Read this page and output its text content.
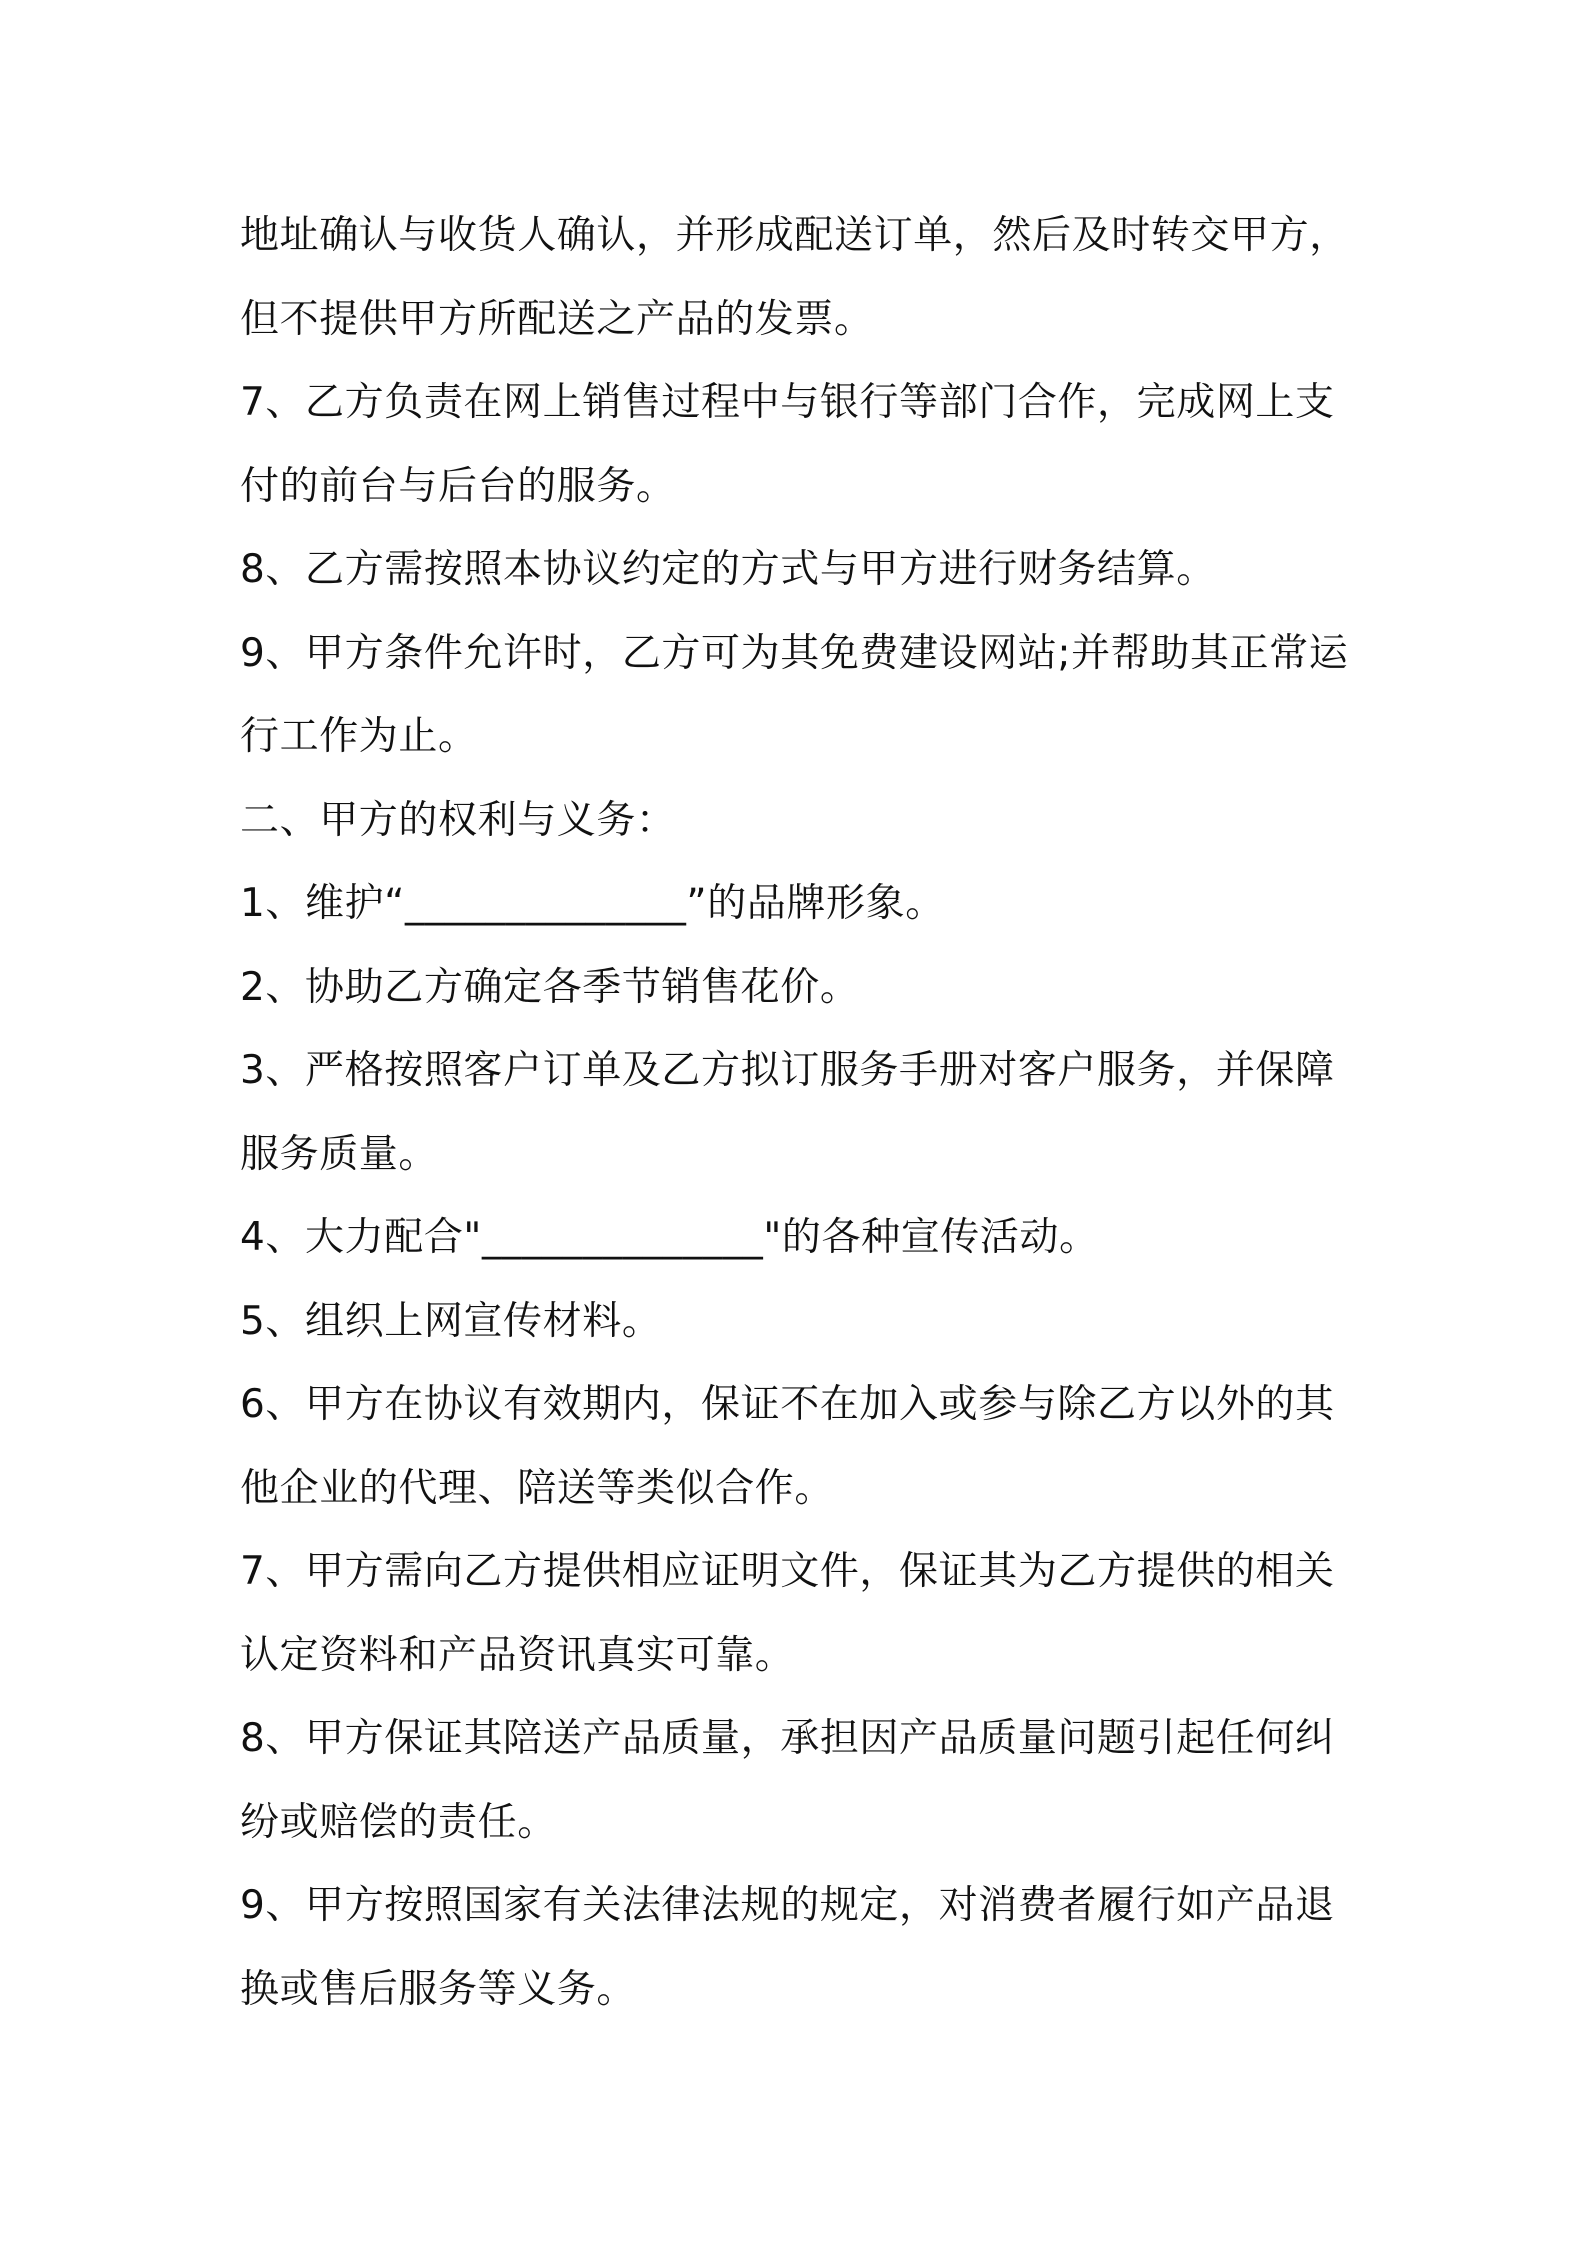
地址确认与收货人确认，并形成配送订单，然后及时转交甲方，
但不提供甲方所配送之产品的发票。
7、乙方负责在网上销售过程中与银行等部门合作，完成网上支
付的前台与后台的服务。
8、乙方需按照本协议约定的方式与甲方进行财务结算。
9、甲方条件允许时，乙方可为其免费建设网站;并帮助其正常运
行工作为止。
二、甲方的权利与义务：
1、维护“______________”的品牌形象。
2、协助乙方确定各季节销售花价。
3、严格按照客户订单及乙方拟订服务手册对客户服务，并保障
服务质量。
4、大力配合"______________"的各种宣传活动。
5、组织上网宣传材料。
6、甲方在协议有效期内，保证不在加入或参与除乙方以外的其
他企业的代理、陪送等类似合作。
7、甲方需向乙方提供相应证明文件，保证其为乙方提供的相关
认定资料和产品资讯真实可靠。
8、甲方保证其陪送产品质量，承担因产品质量问题引起任何纠
纷或赔偿的责任。
9、甲方按照国家有关法律法规的规定，对消费者履行如产品退
换或售后服务等义务。
